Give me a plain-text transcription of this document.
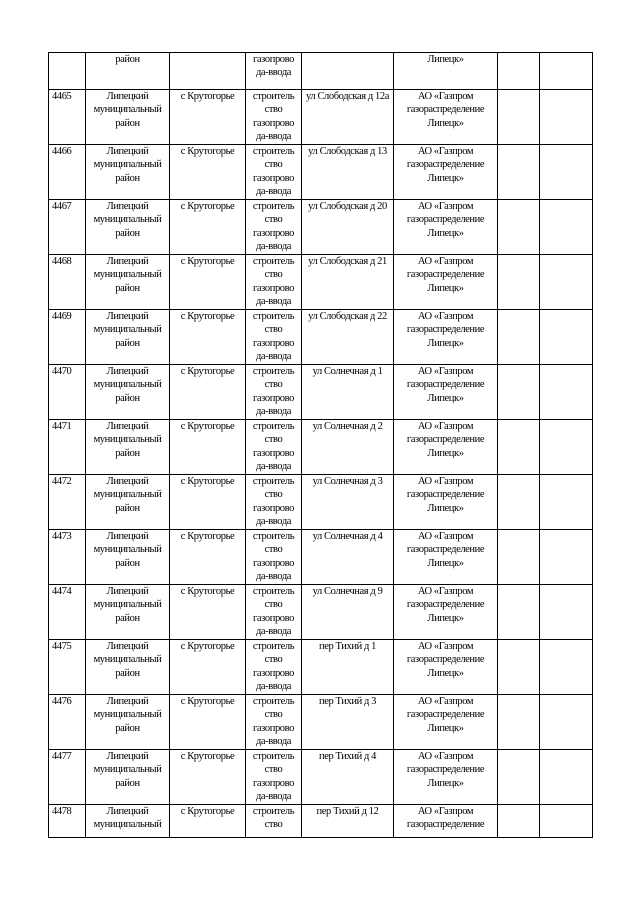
	район		газопрово да-ввода		Липецк»		
4465	Липецкий муниципальный район	с Крутогорье	строитель ство газопрово да-ввода	ул Слободская д 12а	АО «Газпром газораспределение Липецк»		
4466	Липецкий муниципальный район	с Крутогорье	строитель ство газопрово да-ввода	ул Слободская д 13	АО «Газпром газораспределение Липецк»		
4467	Липецкий муниципальный район	с Крутогорье	строитель ство газопрово да-ввода	ул Слободская д 20	АО «Газпром газораспределение Липецк»		
4468	Липецкий муниципальный район	с Крутогорье	строитель ство газопрово да-ввода	ул Слободская д 21	АО «Газпром газораспределение Липецк»		
4469	Липецкий муниципальный район	с Крутогорье	строитель ство газопрово да-ввода	ул Слободская д 22	АО «Газпром газораспределение Липецк»		
4470	Липецкий муниципальный район	с Крутогорье	строитель ство газопрово да-ввода	ул Солнечная д 1	АО «Газпром газораспределение Липецк»		
4471	Липецкий муниципальный район	с Крутогорье	строитель ство газопрово да-ввода	ул Солнечная д 2	АО «Газпром газораспределение Липецк»		
4472	Липецкий муниципальный район	с Крутогорье	строитель ство газопрово да-ввода	ул Солнечная д 3	АО «Газпром газораспределение Липецк»		
4473	Липецкий муниципальный район	с Крутогорье	строитель ство газопрово да-ввода	ул Солнечная д 4	АО «Газпром газораспределение Липецк»		
4474	Липецкий муниципальный район	с Крутогорье	строитель ство газопрово да-ввода	ул Солнечная д 9	АО «Газпром газораспределение Липецк»		
4475	Липецкий муниципальный район	с Крутогорье	строитель ство газопрово да-ввода	пер Тихий д 1	АО «Газпром газораспределение Липецк»		
4476	Липецкий муниципальный район	с Крутогорье	строитель ство газопрово да-ввода	пер Тихий д 3	АО «Газпром газораспределение Липецк»		
4477	Липецкий муниципальный район	с Крутогорье	строитель ство газопрово да-ввода	пер Тихий д 4	АО «Газпром газораспределение Липецк»		
4478	Липецкий муниципальный	с Крутогорье	строитель ство	пер Тихий д 12	АО «Газпром газораспределение		
